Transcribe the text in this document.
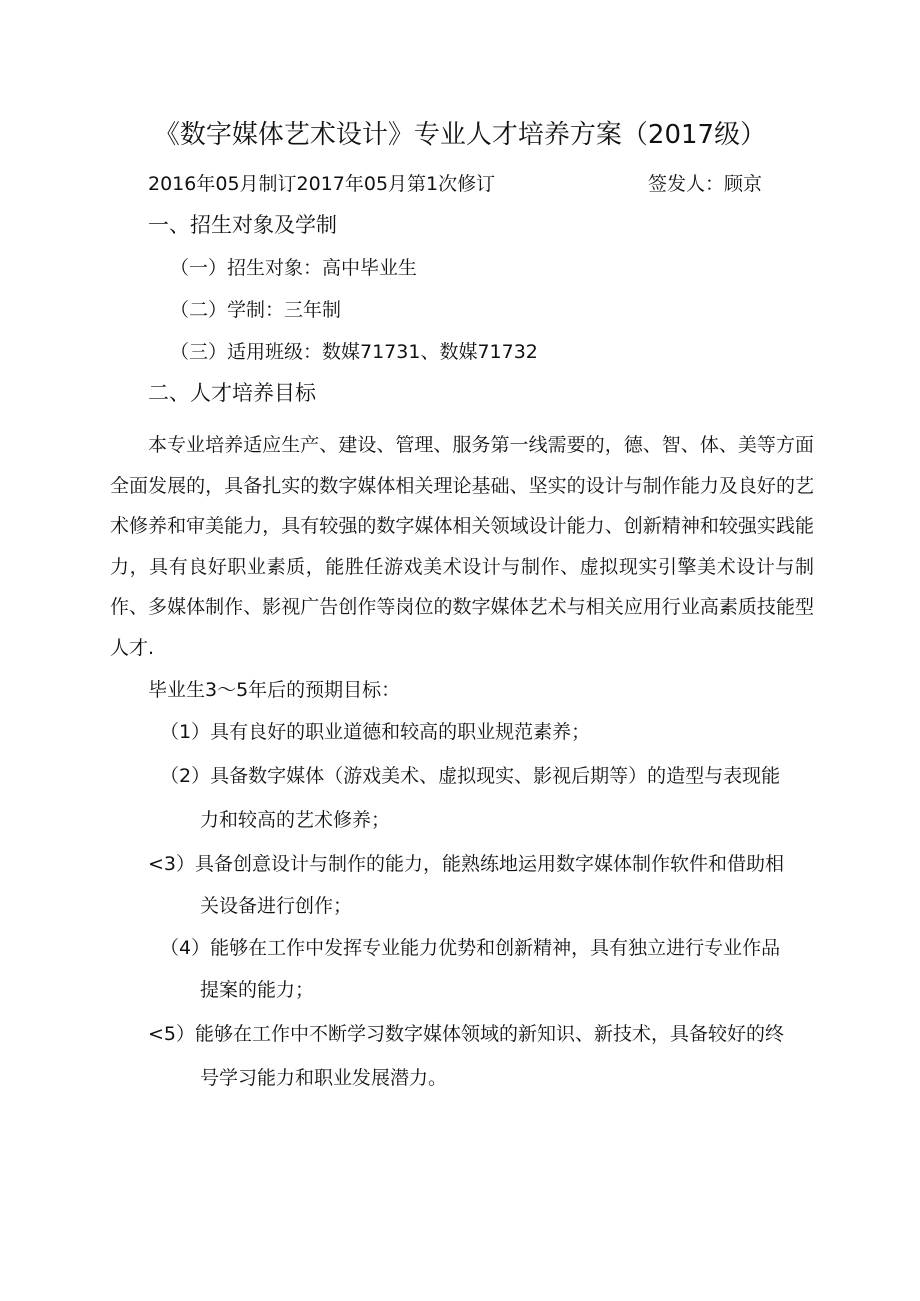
《数字媒体艺术设计》专业人才培养方案（2017级）
2016年05月制订2017年05月第1次修订	签发人：顾京
一、招生对象及学制
（一）招生对象：高中毕业生
（二）学制：三年制
（三）适用班级：数媒71731、数媒71732
二、人才培养目标

本专业培养适应生产、建设、管理、服务第一线需要的，德、智、体、美等方面全面发展的，具备扎实的数字媒体相关理论基础、坚实的设计与制作能力及良好的艺术修养和审美能力，具有较强的数字媒体相关领域设计能力、创新精神和较强实践能力，具有良好职业素质，能胜任游戏美术设计与制作、虚拟现实引擎美术设计与制作、多媒体制作、影视广告创作等岗位的数字媒体艺术与相关应用行业高素质技能型人才.

毕业生3～5年后的预期目标：
（1）具有良好的职业道德和较高的职业规范素养；
（2）具备数字媒体（游戏美术、虚拟现实、影视后期等）的造型与表现能
力和较高的艺术修养；
<3）具备创意设计与制作的能力，能熟练地运用数字媒体制作软件和借助相
关设备进行创作；
（4）能够在工作中发挥专业能力优势和创新精神，具有独立进行专业作品
提案的能力；
<5）能够在工作中不断学习数字媒体领域的新知识、新技术，具备较好的终
号学习能力和职业发展潜力。
